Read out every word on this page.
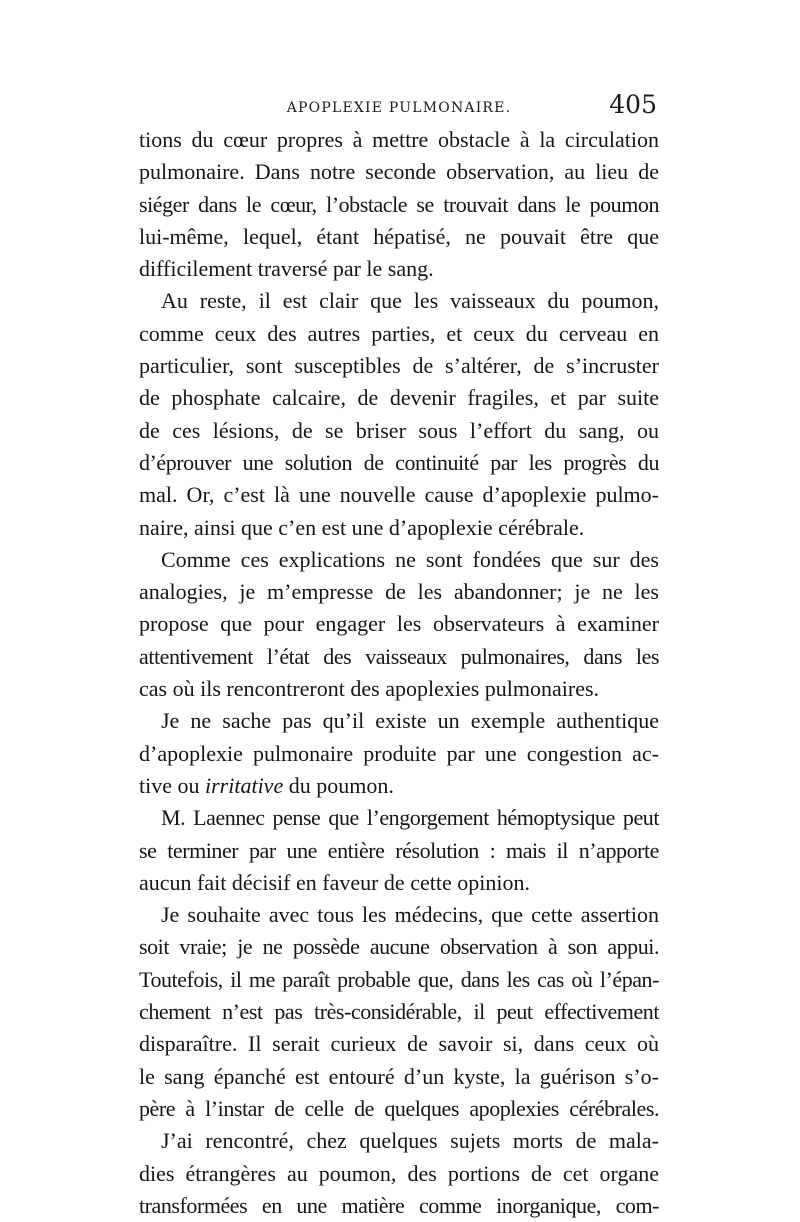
APOPLEXIE PULMONAIRE.	405
tions du cœur propres à mettre obstacle à la circulation
pulmonaire. Dans notre seconde observation, au lieu de
siéger dans le cœur, l’obstacle se trouvait dans le poumon
lui-même, lequel, étant hépatisé, ne pouvait être que
difficilement traversé par le sang.
Au reste, il est clair que les vaisseaux du poumon,
comme ceux des autres parties, et ceux du cerveau en
particulier, sont susceptibles de s’altérer, de s’incruster
de phosphate calcaire, de devenir fragiles, et par suite
de ces lésions, de se briser sous l’effort du sang, ou
d’éprouver une solution de continuité par les progrès du
mal. Or, c’est là une nouvelle cause d’apoplexie pulmo-
naire, ainsi que c’en est une d’apoplexie cérébrale.
Comme ces explications ne sont fondées que sur des
analogies, je m’empresse de les abandonner; je ne les
propose que pour engager les observateurs à examiner
attentivement l’état des vaisseaux pulmonaires, dans les
cas où ils rencontreront des apoplexies pulmonaires.
Je ne sache pas qu’il existe un exemple authentique
d’apoplexie pulmonaire produite par une congestion ac-
tive ou irritative du poumon.
M. Laennec pense que l’engorgement hémoptysique peut
se terminer par une entière résolution : mais il n’apporte
aucun fait décisif en faveur de cette opinion.
Je souhaite avec tous les médecins, que cette assertion
soit vraie; je ne possède aucune observation à son appui.
Toutefois, il me paraît probable que, dans les cas où l’épan-
chement n’est pas très-considérable, il peut effectivement
disparaître. Il serait curieux de savoir si, dans ceux où
le sang épanché est entouré d’un kyste, la guérison s’o-
père à l’instar de celle de quelques apoplexies cérébrales.
J’ai rencontré, chez quelques sujets morts de mala-
dies étrangères au poumon, des portions de cet organe
transformées en une matière comme inorganique, com-
